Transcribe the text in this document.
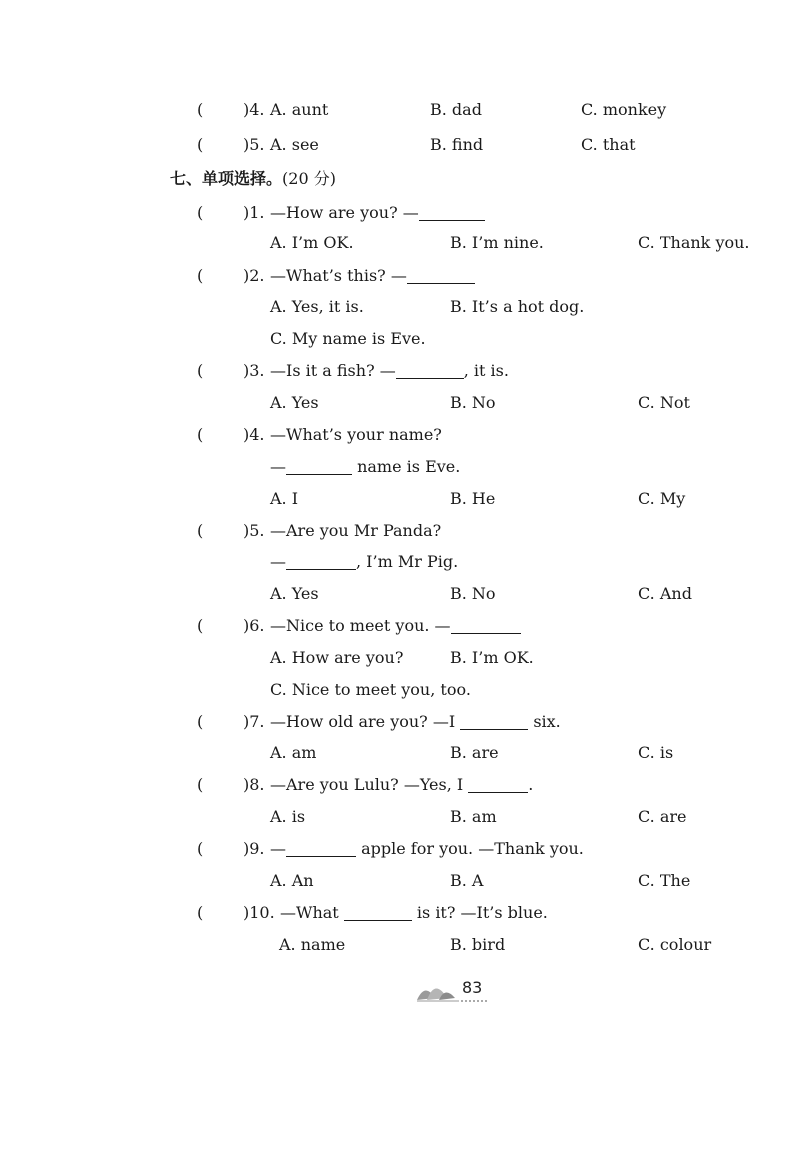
( )4. A. aunt	B. dad	C. monkey
( )5. A. see	B. find	C. that
七、单项选择。(20 分)
( )1. —How are you? —
A. I’m OK.	B. I’m nine.	C. Thank you.
( )2. —What’s this? —
A. Yes, it is.	B. It’s a hot dog.
C. My name is Eve.
( )3. —Is it a fish? —	, it is.
A. Yes	B. No	C. Not
( )4. —What’s your name?
—	name is Eve.
A. I	B. He	C. My
( )5. —Are you Mr Panda?
—	, I’m Mr Pig.
A. Yes	B. No	C. And
( )6. —Nice to meet you. —
A. How are you?	B. I’m OK.
C. Nice to meet you, too.
( )7. —How old are you? —I	six.
A. am	B. are	C. is
( )8. —Are you Lulu? —Yes, I	.
A. is	B. am	C. are
( )9. —	apple for you. —Thank you.
A. An	B. A	C. The
( )10. —What	is it? —It’s blue.
A. name	B. bird	C. colour
83
